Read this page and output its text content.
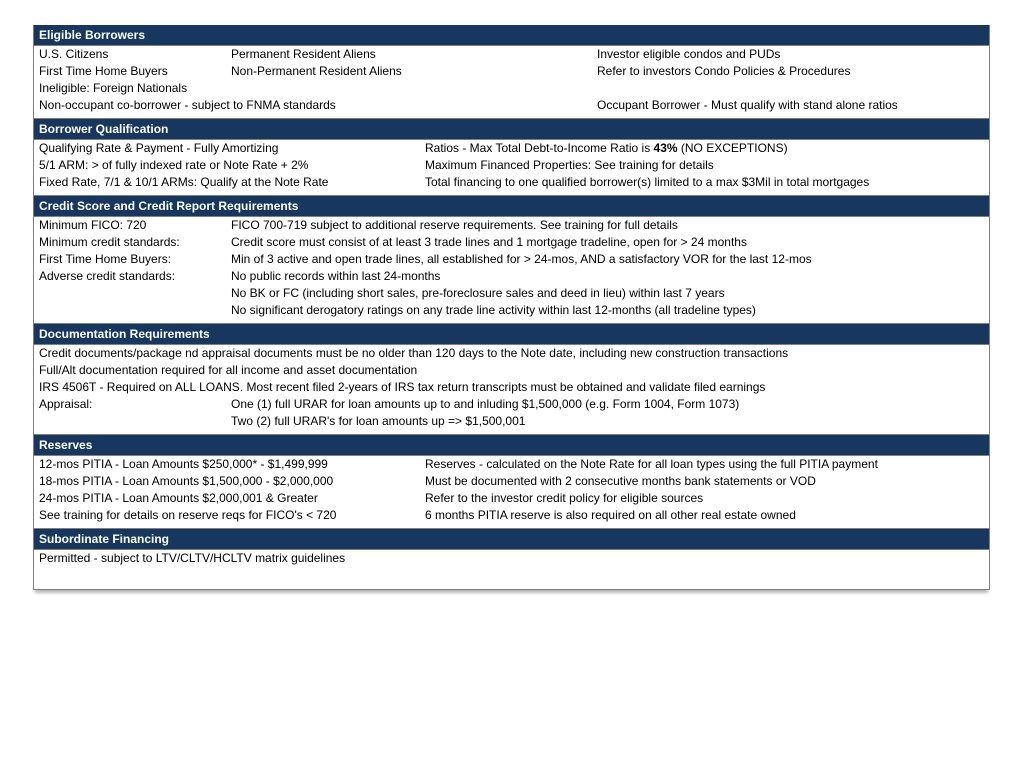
Eligible Borrowers
U.S. Citizens	Permanent Resident Aliens	Investor eligible condos and PUDs
First Time Home Buyers	Non-Permanent Resident Aliens	Refer to investors Condo Policies & Procedures
Ineligible: Foreign Nationals
Non-occupant co-borrower - subject to FNMA standards	Occupant Borrower - Must qualify with stand alone ratios
Borrower Qualification
Qualifying Rate & Payment - Fully Amortizing	Ratios - Max Total Debt-to-Income Ratio is 43% (NO EXCEPTIONS)
5/1 ARM: > of fully indexed rate or Note Rate + 2%	Maximum Financed Properties: See training for details
Fixed Rate, 7/1 & 10/1 ARMs: Qualify at the Note Rate	Total financing to one qualified borrower(s) limited to a max $3Mil in total mortgages
Credit Score and Credit Report Requirements
Minimum FICO: 720	FICO 700-719 subject to additional reserve requirements. See training for full details
Minimum credit standards:	Credit score must consist of at least 3 trade lines and 1 mortgage tradeline, open for > 24 months
First Time Home Buyers:	Min of 3 active and open trade lines, all established for > 24-mos, AND a satisfactory VOR for the last 12-mos
Adverse credit standards:	No public records within last 24-months
No BK or FC (including short sales, pre-foreclosure sales and deed in lieu) within last 7 years
No significant derogatory ratings on any trade line activity within last 12-months (all tradeline types)
Documentation Requirements
Credit documents/package nd appraisal documents must be no older than 120 days to the Note date, including new construction transactions
Full/Alt documentation required for all income and asset documentation
IRS 4506T - Required on ALL LOANS. Most recent filed 2-years of IRS tax return transcripts must be obtained and validate filed earnings
Appraisal:	One (1) full URAR for loan amounts up to and inluding $1,500,000 (e.g. Form 1004, Form 1073)
Two (2) full URAR's for loan amounts up => $1,500,001
Reserves
12-mos PITIA - Loan Amounts $250,000* - $1,499,999	Reserves - calculated on the Note Rate for all loan types using the full PITIA payment
18-mos PITIA - Loan Amounts $1,500,000 - $2,000,000	Must be documented with 2 consecutive months bank statements or VOD
24-mos PITIA - Loan Amounts $2,000,001 & Greater	Refer to the investor credit policy for eligible sources
See training for details on reserve reqs for FICO's < 720	6 months PITIA reserve is also required on all other real estate owned
Subordinate Financing
Permitted - subject to LTV/CLTV/HCLTV matrix guidelines
